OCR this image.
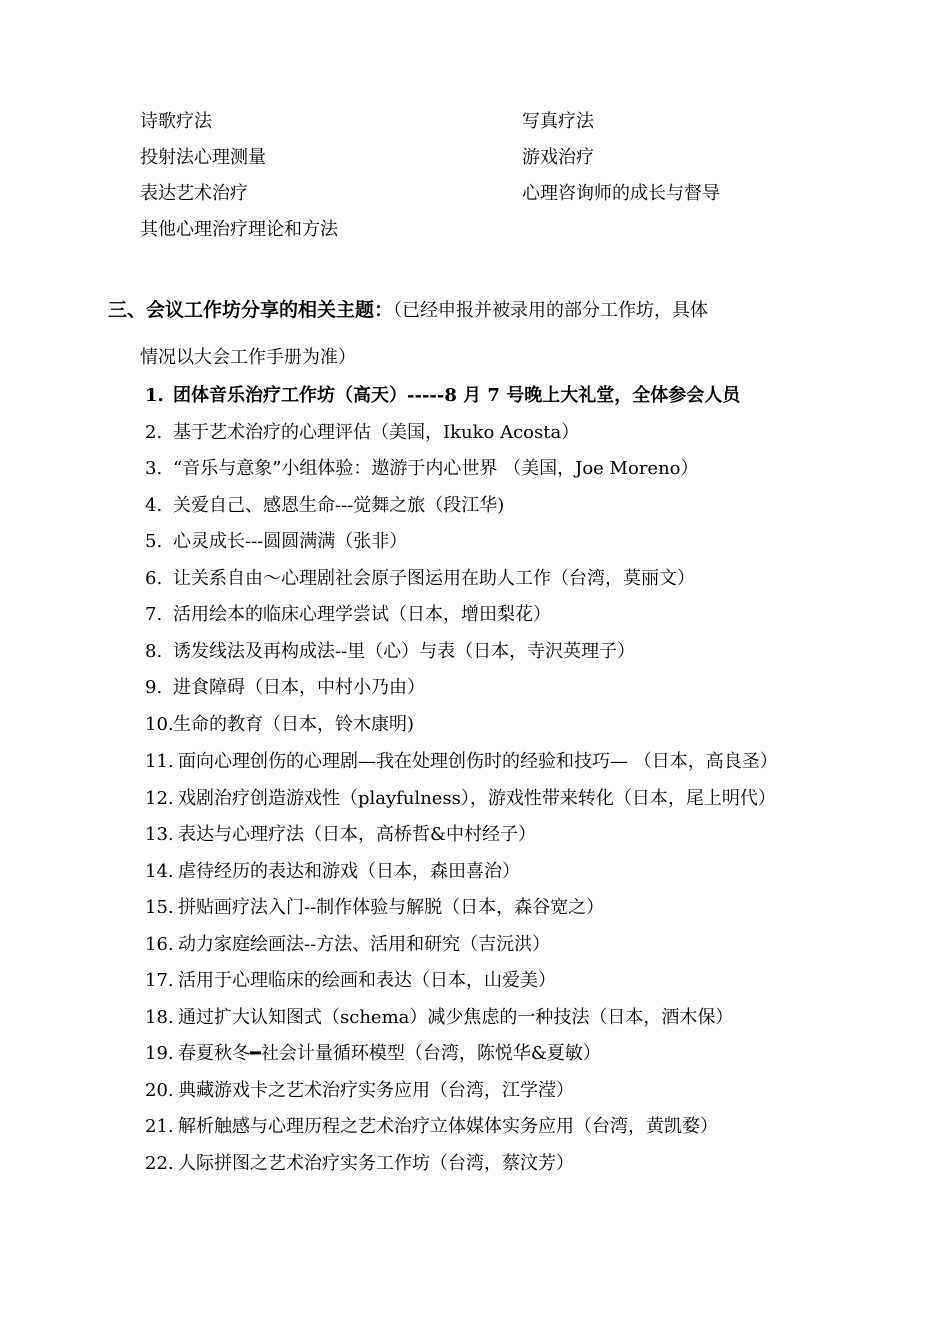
诗歌疗法	写真疗法
投射法心理测量	游戏治疗
表达艺术治疗	心理咨询师的成长与督导
其他心理治疗理论和方法
三、会议工作坊分享的相关主题：（已经申报并被录用的部分工作坊，具体
情况以大会工作手册为准）
1. 团体音乐治疗工作坊（高天）-----8 月 7 号晚上大礼堂，全体参会人员
2. 基于艺术治疗的心理评估（美国，Ikuko Acosta）
3. “音乐与意象”小组体验：遨游于内心世界 （美国，Joe Moreno）
4. 关爱自己、感恩生命---觉舞之旅（段江华)
5. 心灵成长---圆圆满满（张非）
6. 让关系自由～心理剧社会原子图运用在助人工作（台湾，莫丽文）
7. 活用绘本的临床心理学尝试（日本，增田梨花）
8. 诱发线法及再构成法--里（心）与表（日本，寺沢英理子）
9. 进食障碍（日本，中村小乃由）
10.生命的教育（日本，铃木康明)
11. 面向心理创伤的心理剧—我在处理创伤时的经验和技巧— （日本，高良圣）
12. 戏剧治疗创造游戏性（playfulness），游戏性带来转化（日本，尾上明代）
13. 表达与心理疗法（日本，高桥哲&中村经子）
14. 虐待经历的表达和游戏（日本，森田喜治）
15. 拼贴画疗法入门--制作体验与解脱（日本，森谷宽之）
16. 动力家庭绘画法--方法、活用和研究（吉沅洪）
17. 活用于心理临床的绘画和表达（日本，山爱美）
18. 通过扩大认知图式（schema）减少焦虑的一种技法（日本，酒木保）
19. 春夏秋冬━社会计量循环模型（台湾，陈悦华&夏敏）
20. 典藏游戏卡之艺术治疗实务应用（台湾，江学滢）
21. 解析触感与心理历程之艺术治疗立体媒体实务应用（台湾，黄凯婺）
22. 人际拼图之艺术治疗实务工作坊（台湾，蔡汶芳）
